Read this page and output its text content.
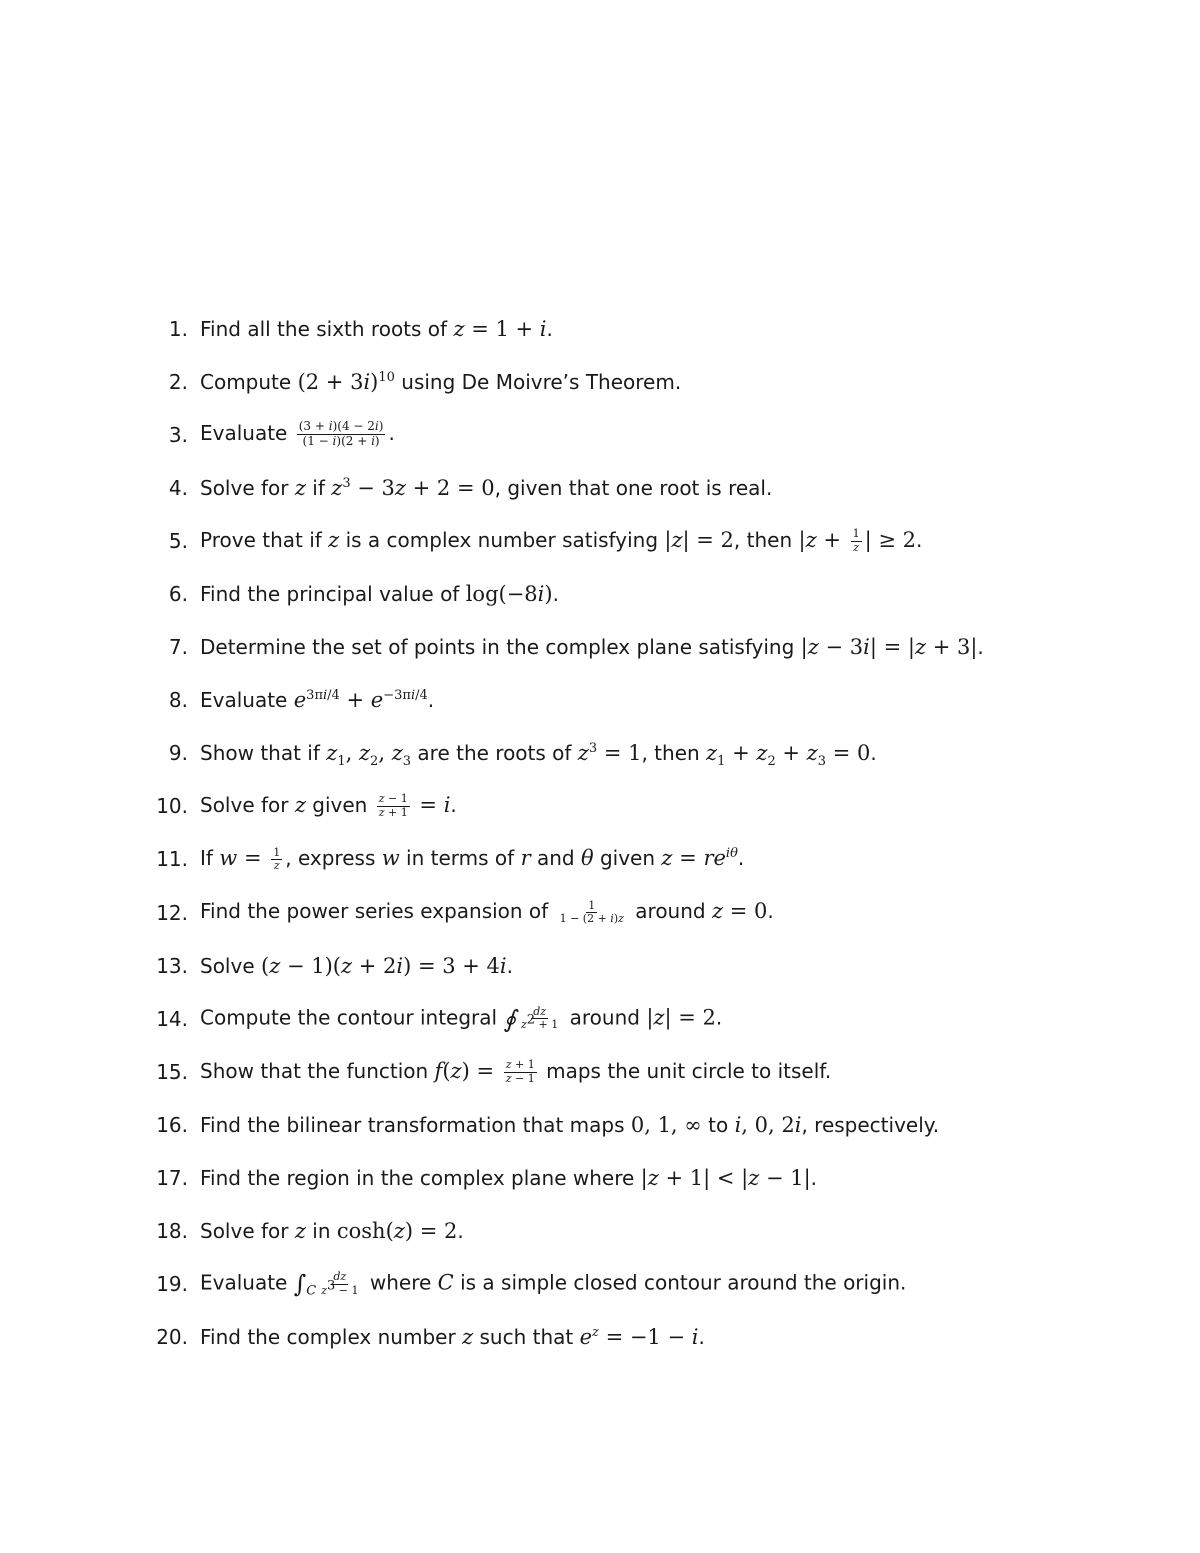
1. Find all the sixth roots of z = 1 + i.
2. Compute $(2 + 3i)^{10}$ using De Moivre’s Theorem.
3. Evaluate $\frac{(3 + i)(4 - 2i)}{(1 - i)(2 + i)}$ .
4. Solve for z if $z^3 - 3z + 2 = 0$, given that one root is real.
5. Prove that if z is a complex number satisfying |z| = 2, then $|z + \frac{1}{z}$ | ≥ 2.
6. Find the principal value of log(−8i).
7. Determine the set of points in the complex plane satisfying |z − 3i| = |z + 3|.
8. Evaluate $e^{3\pi i/4} + e^{-3\pi i/4}$.
9. Show that if $z_1$, $z_2$, $z_3$ are the roots of $z^3 = 1$, then $z_1 + z_2 + z_3 = 0$.
10. Solve for z given $\frac{z - 1}{z + 1} = i$.
11. If $w = \frac{1}{z}$ , express w in terms of r and θ given $z = re^{i\theta}$.
12. Find the power series expansion of $\frac{1}{1 - (2 + i)z}$ around z = 0.
13. Solve (z − 1)(z + 2i) = 3 + 4i.
14. Compute the contour integral ∮ $\frac{dz}{z^2 + 1}$ around |z| = 2.
15. Show that the function $f(z) = \frac{z + 1}{z - 1}$ maps the unit circle to itself.
16. Find the bilinear transformation that maps 0, 1, ∞ to i, 0, 2i, respectively.
17. Find the region in the complex plane where |z + 1| < |z − 1|.
18. Solve for z in cosh(z) = 2.
19. Evaluate $\int_C \frac{dz}{z^3 - 1}$ where C is a simple closed contour around the origin.
20. Find the complex number z such that $e^z = -1 - i$.
